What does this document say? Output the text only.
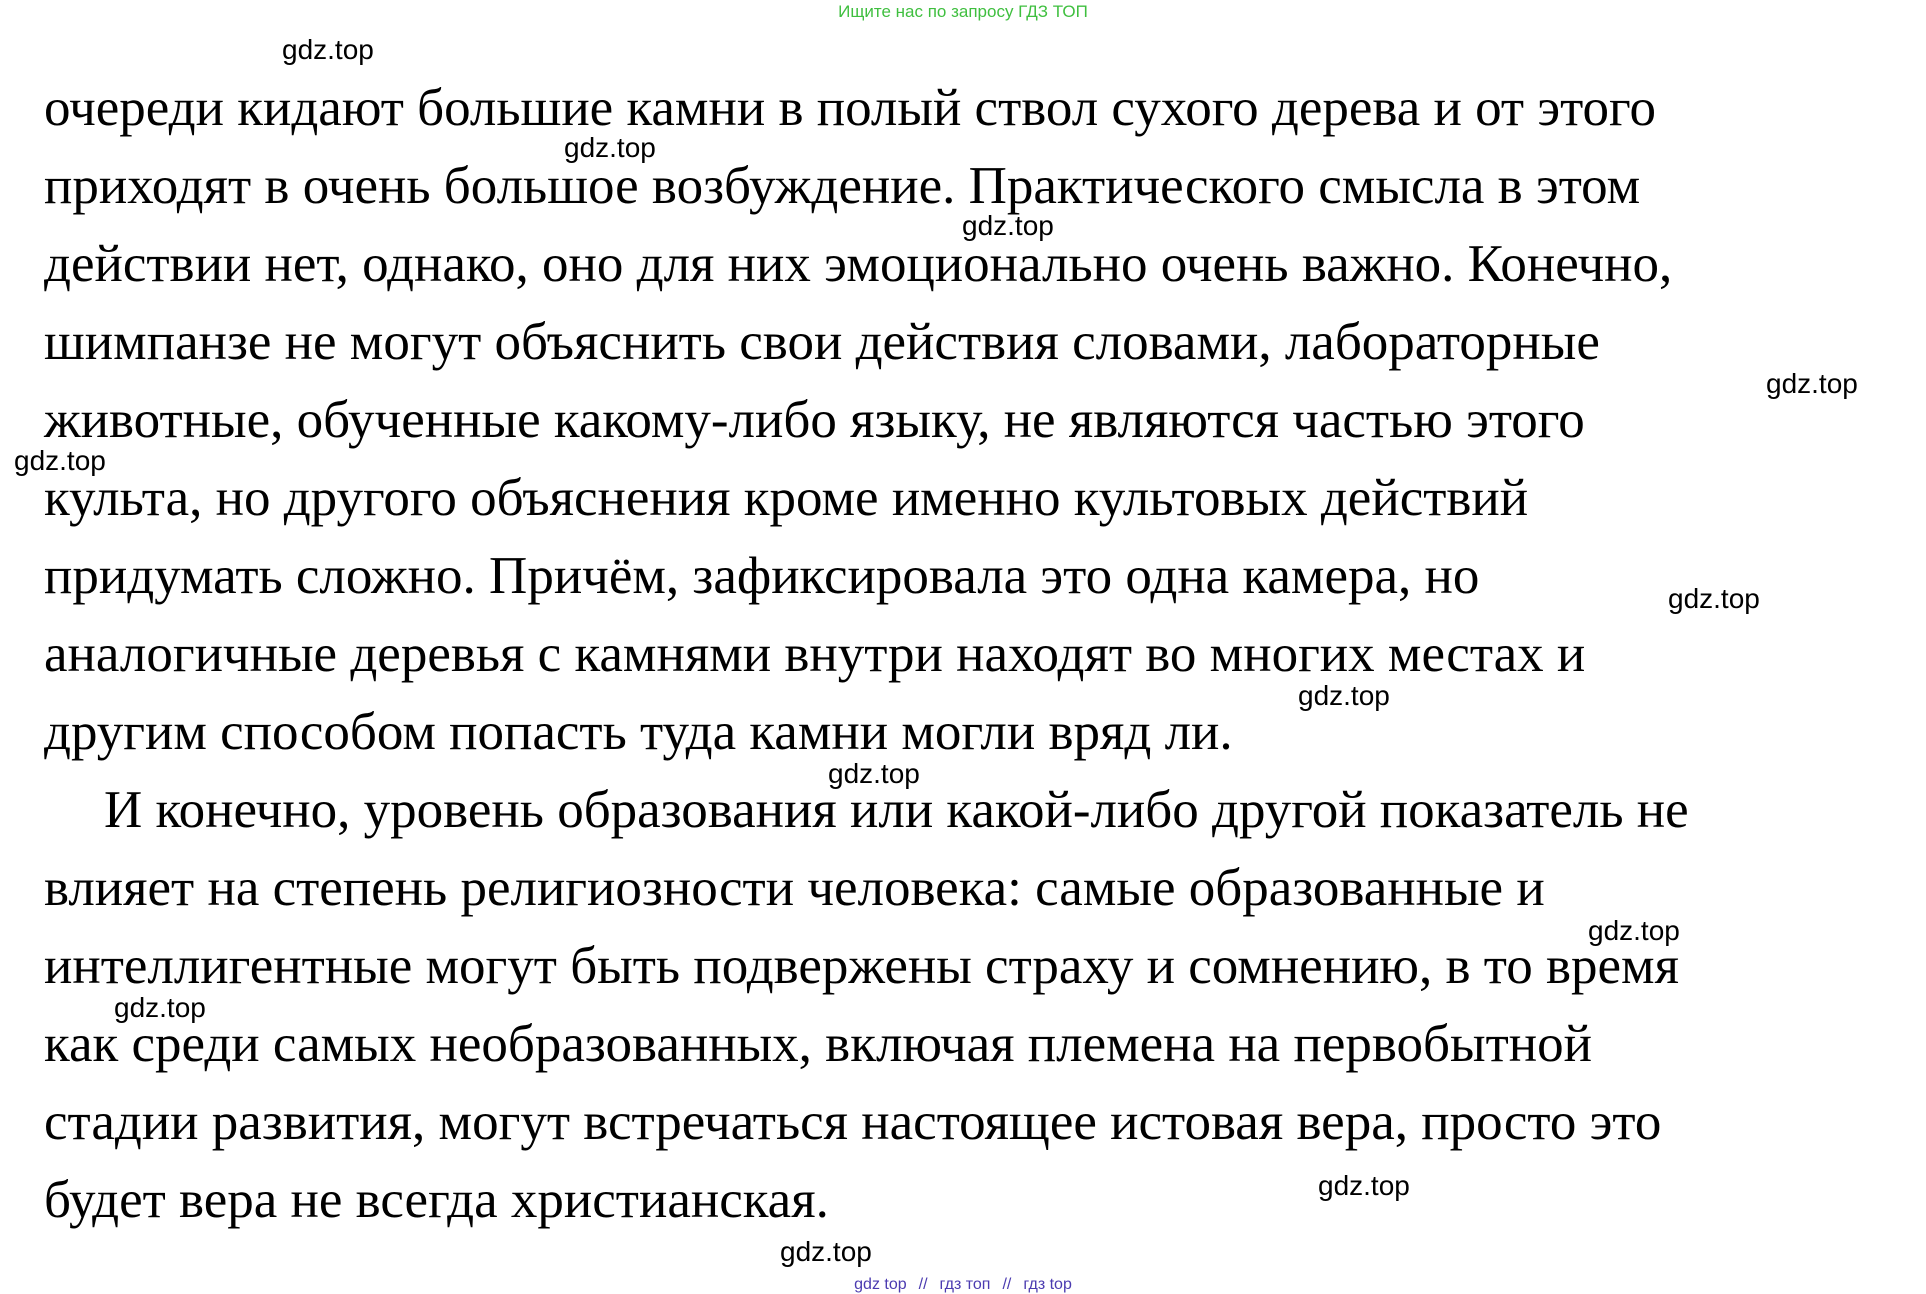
Ищите нас по запросу ГДЗ ТОП
gdz.top
gdz.top
gdz.top
gdz.top
gdz.top
gdz.top
gdz.top
gdz.top
gdz.top
gdz.top
gdz.top
gdz.top
очереди кидают большие камни в полый ствол сухого дерева и от этого
приходят в очень большое возбуждение. Практического смысла в этом
действии нет, однако, оно для них эмоционально очень важно. Конечно,
шимпанзе не могут объяснить свои действия словами, лабораторные
животные, обученные какому-либо языку, не являются частью этого
культа, но другого объяснения кроме именно культовых действий
придумать сложно. Причём, зафиксировала это одна камера, но
аналогичные деревья с камнями внутри находят во многих местах и
другим способом попасть туда камни могли вряд ли.
И конечно, уровень образования или какой-либо другой показатель не
влияет на степень религиозности человека: самые образованные и
интеллигентные могут быть подвержены страху и сомнению, в то время
как среди самых необразованных, включая племена на первобытной
стадии развития, могут встречаться настоящее истовая вера, просто это
будет вера не всегда христианская.
gdz top // гдз топ // гдз top
